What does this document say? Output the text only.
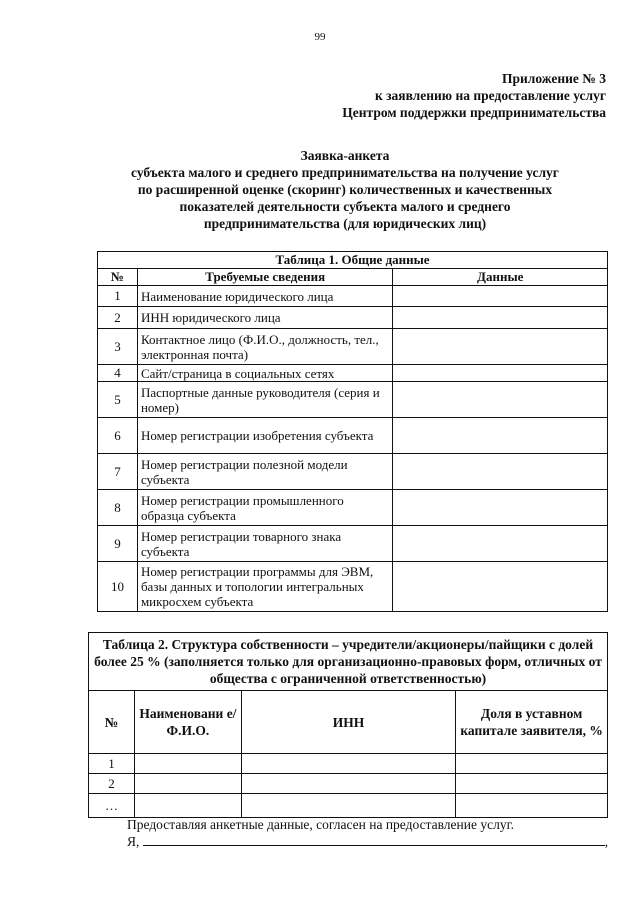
99
Приложение № 3
к заявлению на предоставление услуг
Центром поддержки предпринимательства
Заявка-анкета
субъекта малого и среднего предпринимательства на получение услуг
по расширенной оценке (скоринг) количественных и качественных
показателей деятельности субъекта малого и среднего
предпринимательства (для юридических лиц)
Таблица 1. Общие данные		
№	Требуемые сведения	Данные
1	Наименование юридического лица	
2	ИНН юридического лица	
3	Контактное лицо (Ф.И.О., должность, тел., электронная почта)	
4	Сайт/страница в социальных сетях	
5	Паспортные данные руководителя (серия и номер)	
6	Номер регистрации изобретения субъекта	
7	Номер регистрации полезной модели субъекта	
8	Номер регистрации промышленного образца субъекта	
9	Номер регистрации товарного знака субъекта	
10	Номер регистрации программы для ЭВМ, базы данных и топологии интегральных микросхем субъекта	
Таблица 2. Структура собственности – учредители/акционеры/пайщики с долей более 25 % (заполняется только для организационно-правовых форм, отличных от общества с ограниченной ответственностью)			
№	Наименовани е/Ф.И.О.	ИНН	Доля в уставном капитале заявителя, %
1			
2			
…			
Предоставляя анкетные данные, согласен на предоставление услуг.
Я,	,
